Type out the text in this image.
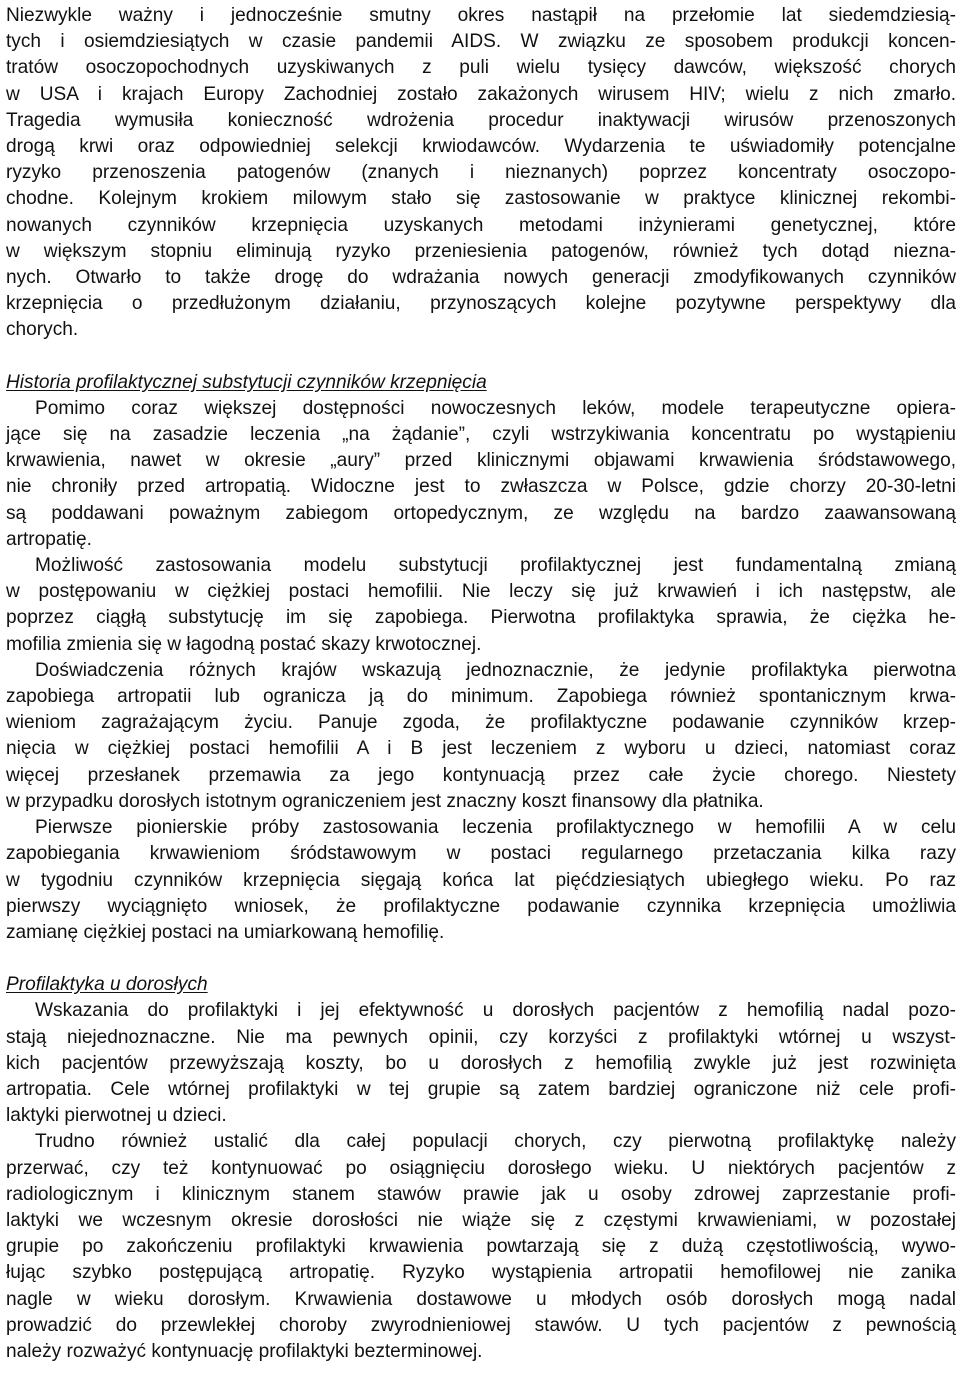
Niezwykle ważny i jednocześnie smutny okres nastąpił na przełomie lat siedemdziesią-
tych i osiemdziesiątych w czasie pandemii AIDS. W związku ze sposobem produkcji koncen-
tratów osoczopochodnych uzyskiwanych z puli wielu tysięcy dawców, większość chorych
w USA i krajach Europy Zachodniej zostało zakażonych wirusem HIV; wielu z nich zmarło.
Tragedia wymusiła konieczność wdrożenia procedur inaktywacji wirusów przenoszonych
drogą krwi oraz odpowiedniej selekcji krwiodawców. Wydarzenia te uświadomiły potencjalne
ryzyko przenoszenia patogenów (znanych i nieznanych) poprzez koncentraty osoczopo-
chodne. Kolejnym krokiem milowym stało się zastosowanie w praktyce klinicznej rekombi-
nowanych czynników krzepnięcia uzyskanych metodami inżynierami genetycznej, które
w większym stopniu eliminują ryzyko przeniesienia patogenów, również tych dotąd niezna-
nych. Otwarło to także drogę do wdrażania nowych generacji zmodyfikowanych czynników
krzepnięcia o przedłużonym działaniu, przynoszących kolejne pozytywne perspektywy dla
chorych.
Historia profilaktycznej substytucji czynników krzepnięcia
Pomimo coraz większej dostępności nowoczesnych leków, modele terapeutyczne opiera-
jące się na zasadzie leczenia „na żądanie”, czyli wstrzykiwania koncentratu po wystąpieniu
krwawienia, nawet w okresie „aury” przed klinicznymi objawami krwawienia śródstawowego,
nie chroniły przed artropatią. Widoczne jest to zwłaszcza w Polsce, gdzie chorzy 20-30-letni
są poddawani poważnym zabiegom ortopedycznym, ze względu na bardzo zaawansowaną
artropatię.
Możliwość zastosowania modelu substytucji profilaktycznej jest fundamentalną zmianą
w postępowaniu w ciężkiej postaci hemofilii. Nie leczy się już krwawień i ich następstw, ale
poprzez ciągłą substytucję im się zapobiega. Pierwotna profilaktyka sprawia, że ciężka he-
mofilia zmienia się w łagodną postać skazy krwotocznej.
Doświadczenia różnych krajów wskazują jednoznacznie, że jedynie profilaktyka pierwotna
zapobiega artropatii lub ogranicza ją do minimum. Zapobiega również spontanicznym krwa-
wieniom zagrażającym życiu. Panuje zgoda, że profilaktyczne podawanie czynników krzep-
nięcia w ciężkiej postaci hemofilii A i B jest leczeniem z wyboru u dzieci, natomiast coraz
więcej przesłanek przemawia za jego kontynuacją przez całe życie chorego. Niestety
w przypadku dorosłych istotnym ograniczeniem jest znaczny koszt finansowy dla płatnika.
Pierwsze pionierskie próby zastosowania leczenia profilaktycznego w hemofilii A w celu
zapobiegania krwawieniom śródstawowym w postaci regularnego przetaczania kilka razy
w tygodniu czynników krzepnięcia sięgają końca lat pięćdziesiątych ubiegłego wieku. Po raz
pierwszy wyciągnięto wniosek, że profilaktyczne podawanie czynnika krzepnięcia umożliwia
zamianę ciężkiej postaci na umiarkowaną hemofilię.
Profilaktyka u dorosłych
Wskazania do profilaktyki i jej efektywność u dorosłych pacjentów z hemofilią nadal pozo-
stają niejednoznaczne. Nie ma pewnych opinii, czy korzyści z profilaktyki wtórnej u wszyst-
kich pacjentów przewyższają koszty, bo u dorosłych z hemofilią zwykle już jest rozwinięta
artropatia. Cele wtórnej profilaktyki w tej grupie są zatem bardziej ograniczone niż cele profi-
laktyki pierwotnej u dzieci.
Trudno również ustalić dla całej populacji chorych, czy pierwotną profilaktykę należy
przerwać, czy też kontynuować po osiągnięciu dorosłego wieku. U niektórych pacjentów z
radiologicznym i klinicznym stanem stawów prawie jak u osoby zdrowej zaprzestanie profi-
laktyki we wczesnym okresie dorosłości nie wiąże się z częstymi krwawieniami, w pozostałej
grupie po zakończeniu profilaktyki krwawienia powtarzają się z dużą częstotliwością, wywo-
łując szybko postępującą artropatię. Ryzyko wystąpienia artropatii hemofilowej nie zanika
nagle w wieku dorosłym. Krwawienia dostawowe u młodych osób dorosłych mogą nadal
prowadzić do przewlekłej choroby zwyrodnieniowej stawów. U tych pacjentów z pewnością
należy rozważyć kontynuację profilaktyki bezterminowej.
